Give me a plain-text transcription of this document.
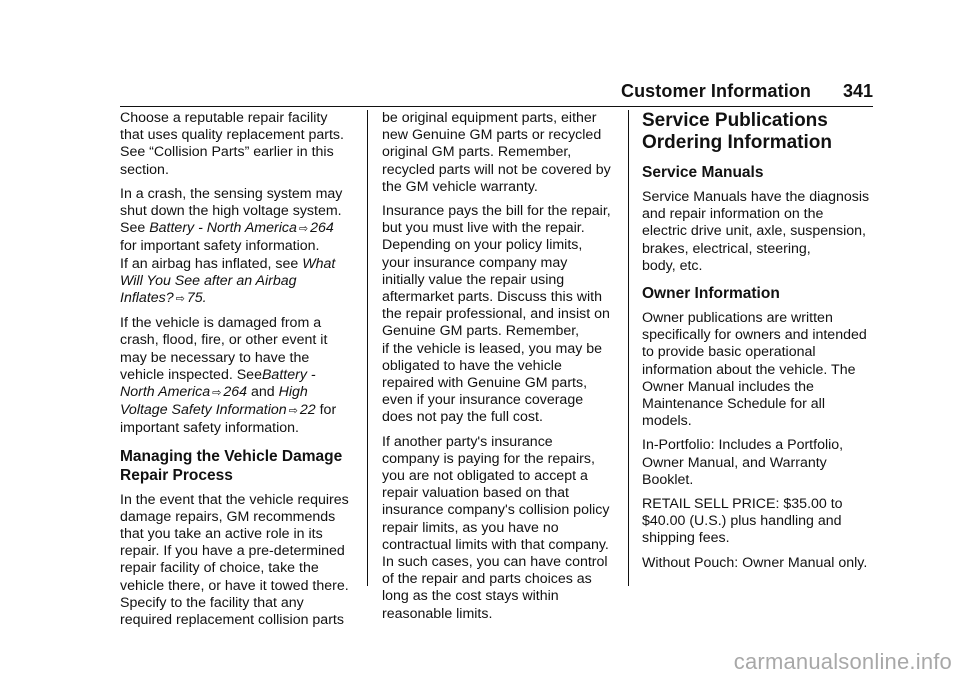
Customer Information 341

Choose a reputable repair facility
that uses quality replacement parts.
See “Collision Parts” earlier in this
section.

In a crash, the sensing system may
shut down the high voltage system.
See Battery - North America ⇨ 264
for important safety information.
If an airbag has inflated, see What
Will You See after an Airbag
Inflates? ⇨ 75.

If the vehicle is damaged from a
crash, flood, fire, or other event it
may be necessary to have the
vehicle inspected. SeeBattery -
North America ⇨ 264 and High
Voltage Safety Information ⇨ 22 for
important safety information.

Managing the Vehicle Damage Repair Process

In the event that the vehicle requires
damage repairs, GM recommends
that you take an active role in its
repair. If you have a pre-determined
repair facility of choice, take the
vehicle there, or have it towed there.
Specify to the facility that any
required replacement collision parts

be original equipment parts, either
new Genuine GM parts or recycled
original GM parts. Remember,
recycled parts will not be covered by
the GM vehicle warranty.

Insurance pays the bill for the repair,
but you must live with the repair.
Depending on your policy limits,
your insurance company may
initially value the repair using
aftermarket parts. Discuss this with
the repair professional, and insist on
Genuine GM parts. Remember,
if the vehicle is leased, you may be
obligated to have the vehicle
repaired with Genuine GM parts,
even if your insurance coverage
does not pay the full cost.

If another party's insurance
company is paying for the repairs,
you are not obligated to accept a
repair valuation based on that
insurance company's collision policy
repair limits, as you have no
contractual limits with that company.
In such cases, you can have control
of the repair and parts choices as
long as the cost stays within
reasonable limits.

Service Publications Ordering Information
Service Manuals

Service Manuals have the diagnosis
and repair information on the
electric drive unit, axle, suspension,
brakes, electrical, steering,
body, etc.

Owner Information

Owner publications are written
specifically for owners and intended
to provide basic operational
information about the vehicle. The
Owner Manual includes the
Maintenance Schedule for all
models.

In-Portfolio: Includes a Portfolio,
Owner Manual, and Warranty
Booklet.

RETAIL SELL PRICE: $35.00 to
$40.00 (U.S.) plus handling and
shipping fees.

Without Pouch: Owner Manual only.

carmanualsonline.info
